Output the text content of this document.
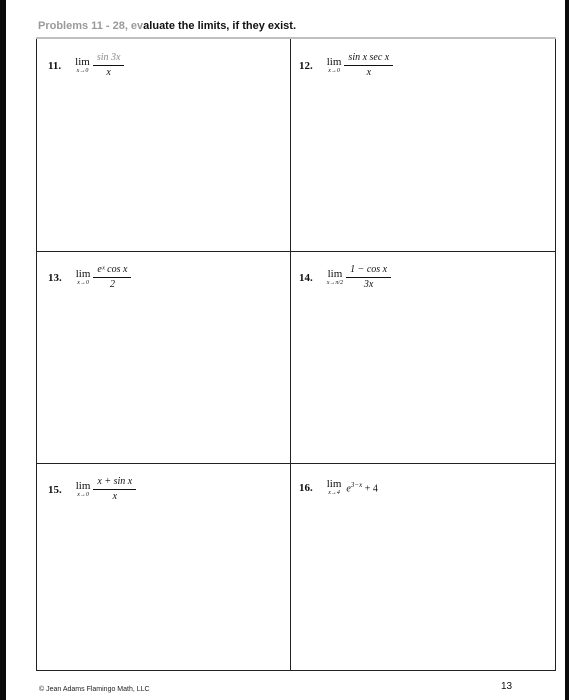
Problems 11 - 28, evaluate the limits, if they exist.
11. lim
$x\to 0 \frac{\sin 3x}{x}$	12. lim
$x\to 0 \frac{\text{sin x sec x}}{x}$
13. lim
$x\to 0 \frac{\text{eˣ cos x}}{2}$	14. lim
$x\to\pi/2 \frac{\text{1 − cos x}}{3x}$
15. lim
$x\to 0 \frac{\text{x + sin x}}{x}$	16. lim
x→4 $e^{3-x} + 4$
© Jean Adams Flamingo Math, LLC	13
